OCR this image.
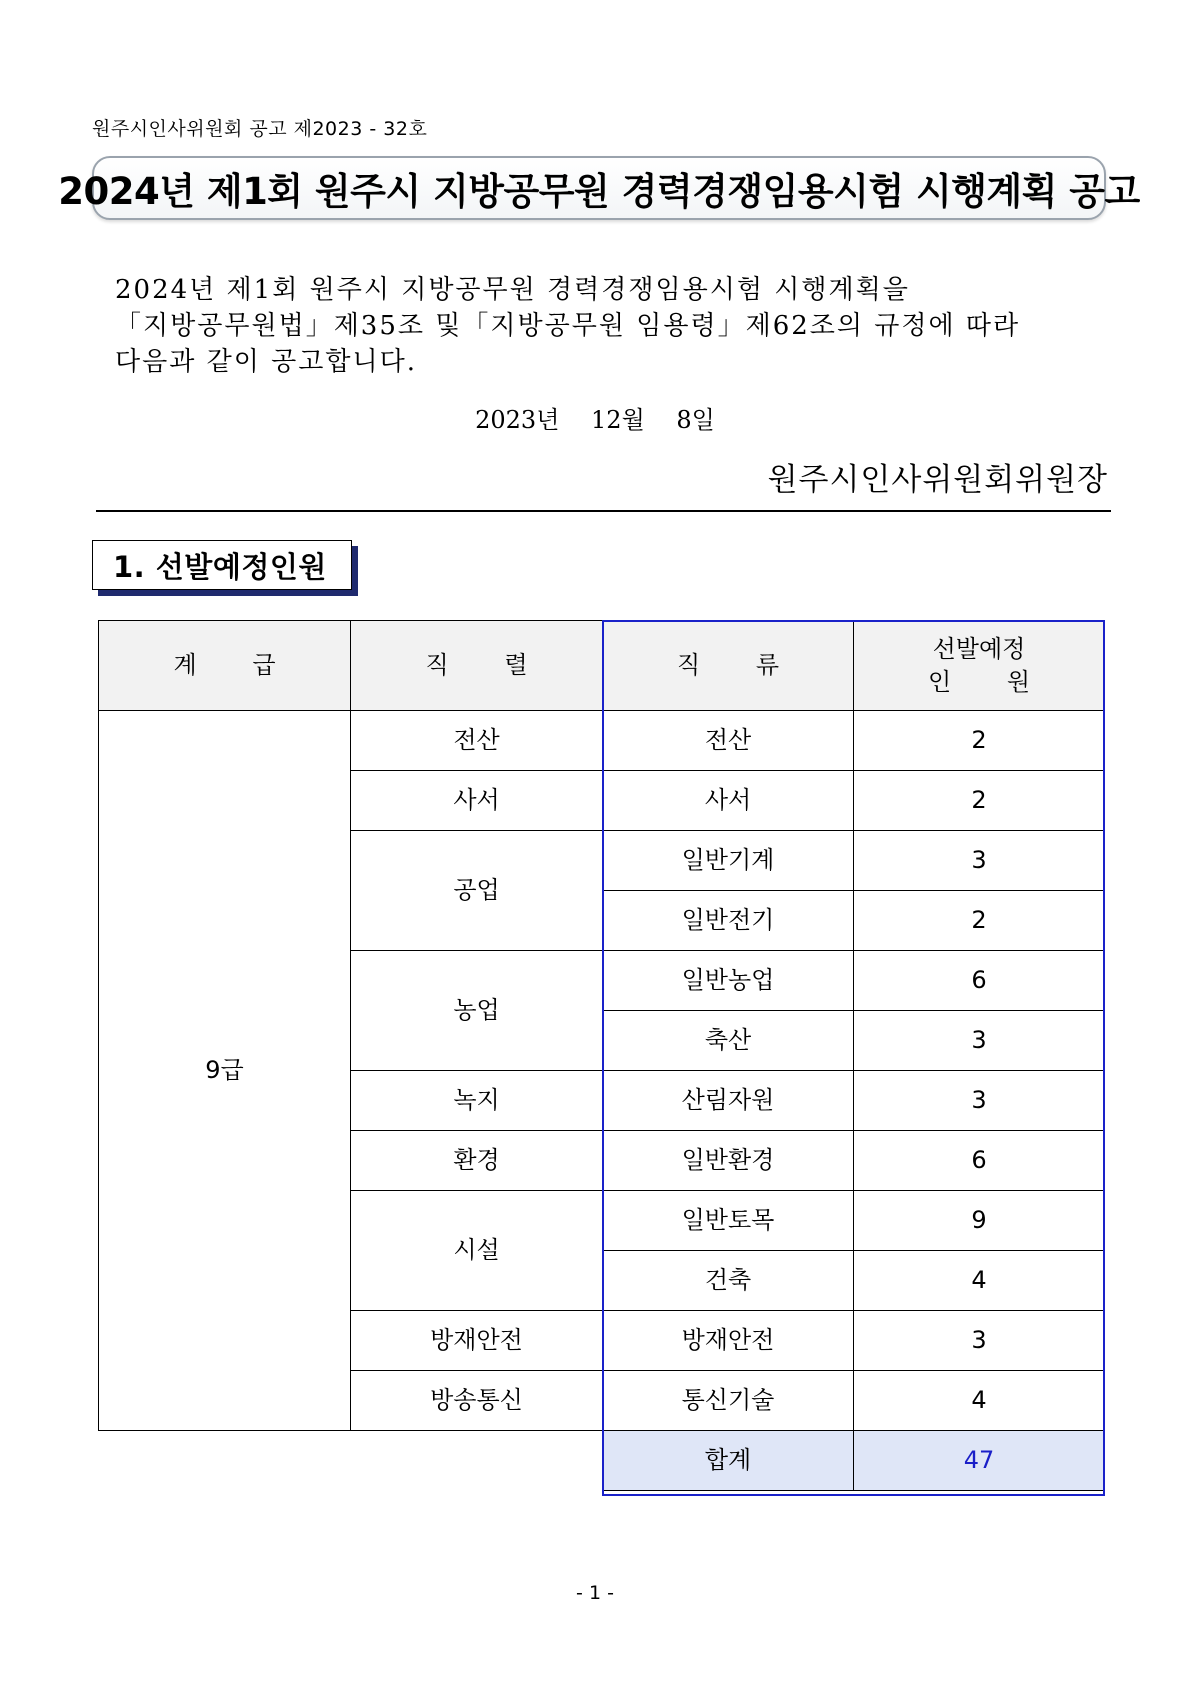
원주시인사위원회 공고 제2023 - 32호
2024년 제1회 원주시 지방공무원 경력경쟁임용시험 시행계획 공고
2024년 제1회 원주시 지방공무원 경력경쟁임용시험 시행계획을
「지방공무원법」제35조 및「지방공무원 임용령」제62조의 규정에 따라
다음과 같이 공고합니다.
2023년 12월 8일
원주시인사위원회위원장
1. 선발예정인원
계 급	직 렬	직 류	선발예정
인 원

9급	전산	전산	2
	사서	사서	2
	공업	일반기계	3
		일반전기	2
	농업	일반농업	6
		축산	3
	녹지	산림자원	3
	환경	일반환경	6
	시설	일반토목	9
		건축	4
	방재안전	방재안전	3
	방송통신	통신기술	4
		합계	47
- 1 -
